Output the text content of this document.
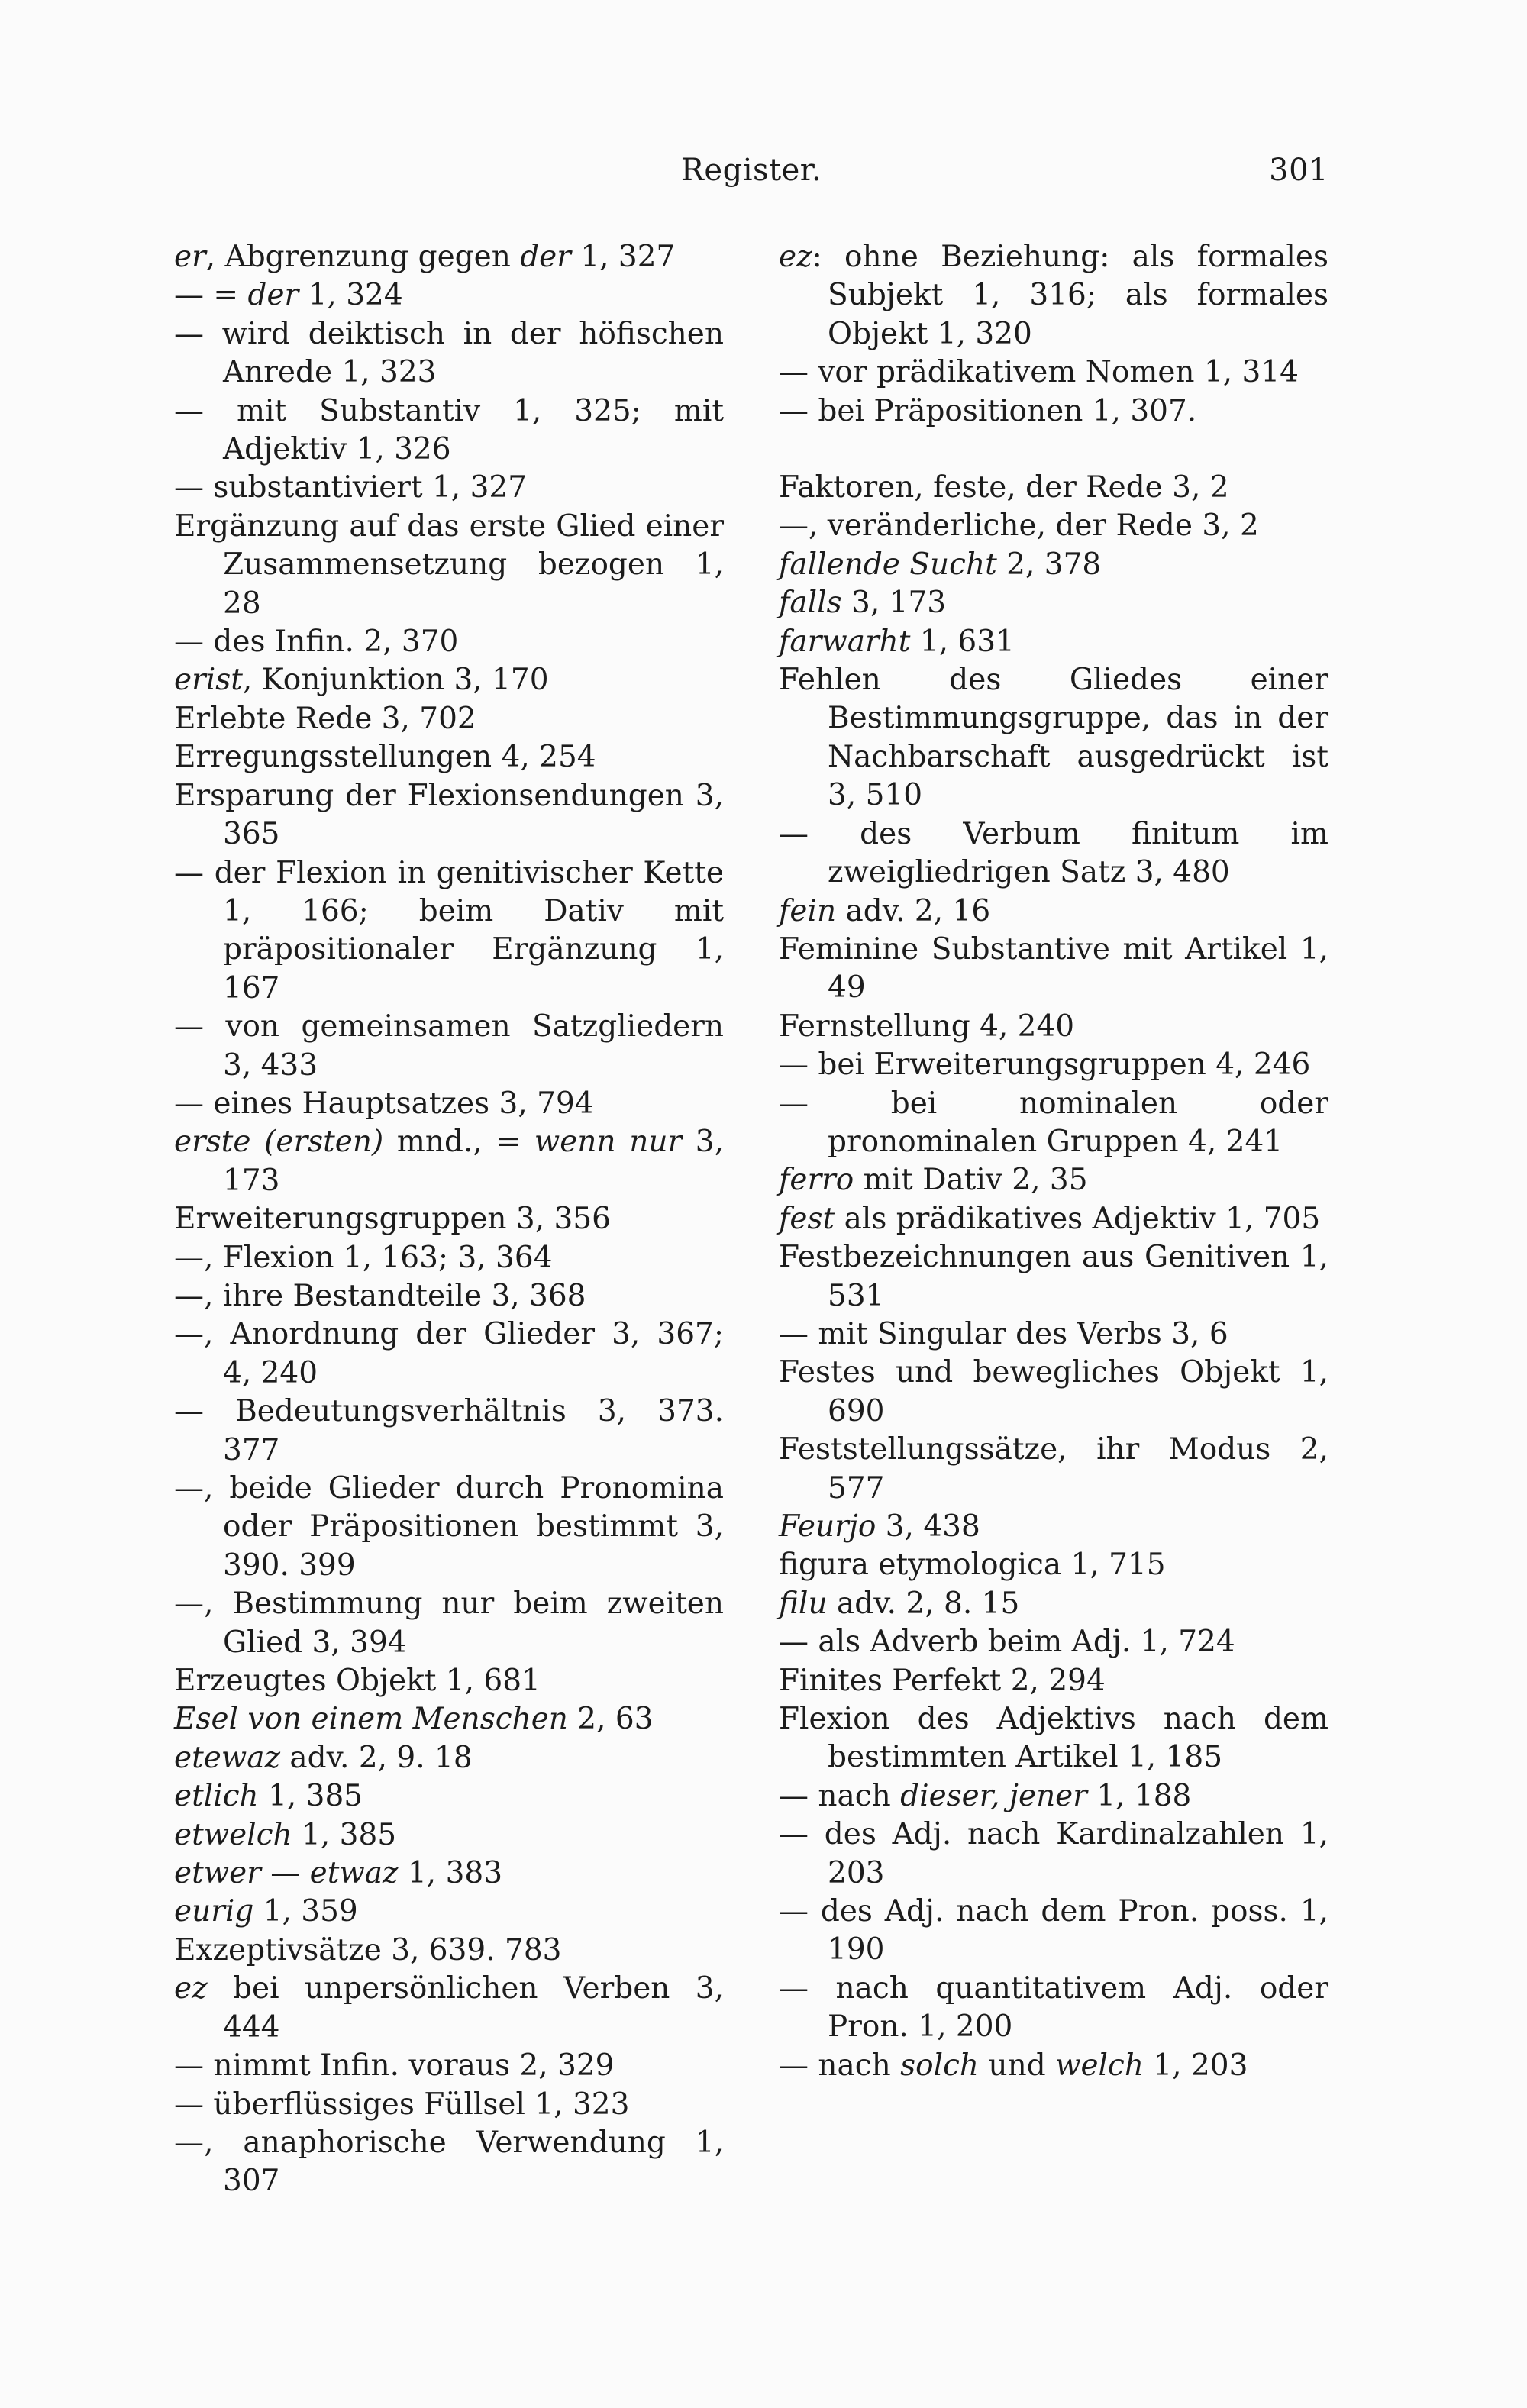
Register.	301

er, Abgrenzung gegen der 1, 327

— = der 1, 324

— wird deiktisch in der höfischen Anrede 1, 323

— mit Substantiv 1, 325; mit Adjektiv 1, 326

— substantiviert 1, 327

Ergänzung auf das erste Glied einer Zusammensetzung bezogen 1, 28

— des Infin. 2, 370

erist, Konjunktion 3, 170

Erlebte Rede 3, 702

Erregungsstellungen 4, 254

Ersparung der Flexionsendungen 3, 365

— der Flexion in genitivischer Kette 1, 166; beim Dativ mit präpositionaler Ergänzung 1, 167

— von gemeinsamen Satzgliedern 3, 433

— eines Hauptsatzes 3, 794

erste (ersten) mnd., = wenn nur 3, 173

Erweiterungsgruppen 3, 356

—, Flexion 1, 163; 3, 364

—, ihre Bestandteile 3, 368

—, Anordnung der Glieder 3, 367; 4, 240

— Bedeutungsverhältnis 3, 373. 377

—, beide Glieder durch Pronomina oder Präpositionen bestimmt 3, 390. 399

—, Bestimmung nur beim zweiten Glied 3, 394

Erzeugtes Objekt 1, 681

Esel von einem Menschen 2, 63

etewaz adv. 2, 9. 18

etlich 1, 385

etwelch 1, 385

etwer — etwaz 1, 383

eurig 1, 359

Exzeptivsätze 3, 639. 783

ez bei unpersönlichen Verben 3, 444

— nimmt Infin. voraus 2, 329

— überflüssiges Füllsel 1, 323

—, anaphorische Verwendung 1, 307

ez: ohne Beziehung: als formales Subjekt 1, 316; als formales Objekt 1, 320

— vor prädikativem Nomen 1, 314

— bei Präpositionen 1, 307.

Faktoren, feste, der Rede 3, 2

—, veränderliche, der Rede 3, 2

fallende Sucht 2, 378

falls 3, 173

farwarht 1, 631

Fehlen des Gliedes einer Bestimmungsgruppe, das in der Nachbarschaft ausgedrückt ist 3, 510

— des Verbum finitum im zweigliedrigen Satz 3, 480

fein adv. 2, 16

Feminine Substantive mit Artikel 1, 49

Fernstellung 4, 240

— bei Erweiterungsgruppen 4, 246

— bei nominalen oder pronominalen Gruppen 4, 241

ferro mit Dativ 2, 35

fest als prädikatives Adjektiv 1, 705

Festbezeichnungen aus Genitiven 1, 531

— mit Singular des Verbs 3, 6

Festes und bewegliches Objekt 1, 690

Feststellungssätze, ihr Modus 2, 577

Feurjo 3, 438

figura etymologica 1, 715

filu adv. 2, 8. 15

— als Adverb beim Adj. 1, 724

Finites Perfekt 2, 294

Flexion des Adjektivs nach dem bestimmten Artikel 1, 185

— nach dieser, jener 1, 188

— des Adj. nach Kardinalzahlen 1, 203

— des Adj. nach dem Pron. poss. 1, 190

— nach quantitativem Adj. oder Pron. 1, 200

— nach solch und welch 1, 203
